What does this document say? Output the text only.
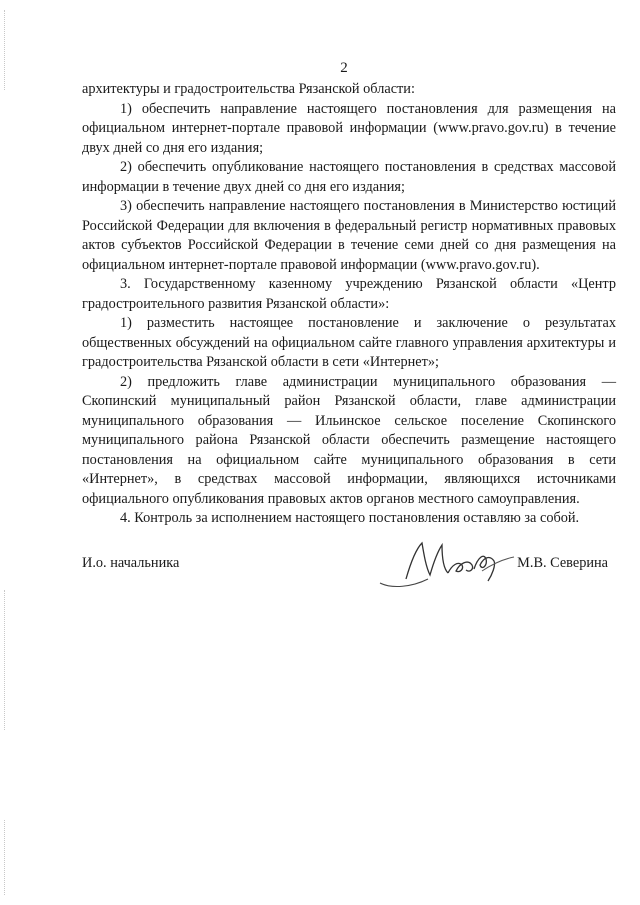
2

архитектуры и градостроительства Рязанской области:

1) обеспечить направление настоящего постановления для размещения на официальном интернет-портале правовой информации (www.pravo.gov.ru) в течение двух дней со дня его издания;

2) обеспечить опубликование настоящего постановления в средствах массовой информации в течение двух дней со дня его издания;

3) обеспечить направление настоящего постановления в Министерство юстиций Российской Федерации для включения в федеральный регистр нормативных правовых актов субъектов Российской Федерации в течение семи дней со дня размещения на официальном интернет-портале правовой информации (www.pravo.gov.ru).

3. Государственному казенному учреждению Рязанской области «Центр градостроительного развития Рязанской области»:

1) разместить настоящее постановление и заключение о результатах общественных обсуждений на официальном сайте главного управления архитектуры и градостроительства Рязанской области в сети «Интернет»;

2) предложить главе администрации муниципального образования — Скопинский муниципальный район Рязанской области, главе администрации муниципального образования — Ильинское сельское поселение Скопинского муниципального района Рязанской области обеспечить размещение настоящего постановления на официальном сайте муниципального образования в сети «Интернет», в средствах массовой информации, являющихся источниками официального опубликования правовых актов органов местного самоуправления.

4. Контроль за исполнением настоящего постановления оставляю за собой.

И.о. начальника	М.В. Северина
